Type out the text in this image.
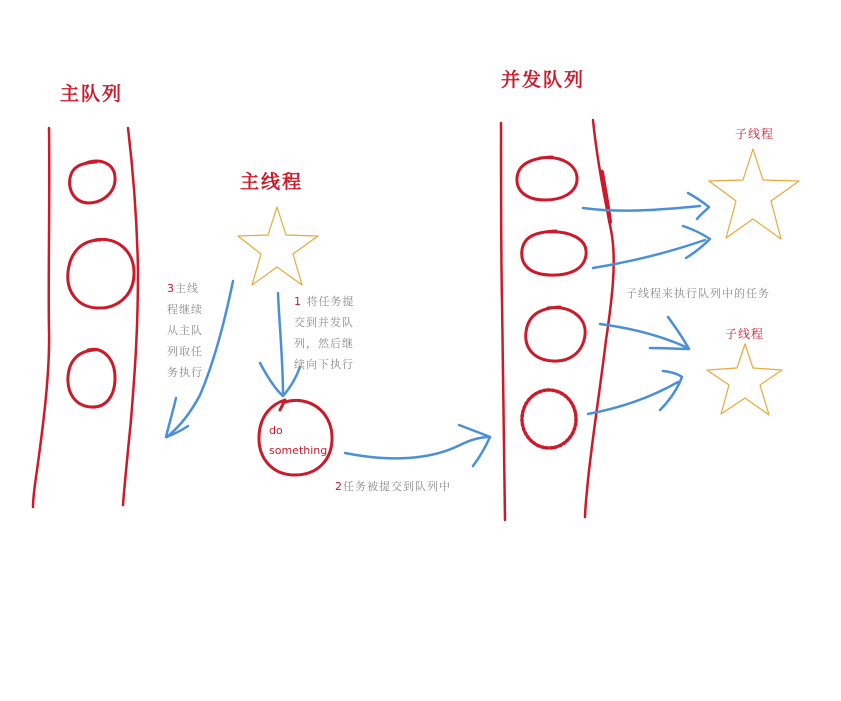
主队列
主线程
并发队列
子线程
子线程
3主线
程继续
从主队
列取任
务执行
1 将任务提
交到并发队
列，然后继
续向下执行
do
something
2任务被提交到队列中
子线程来执行队列中的任务
